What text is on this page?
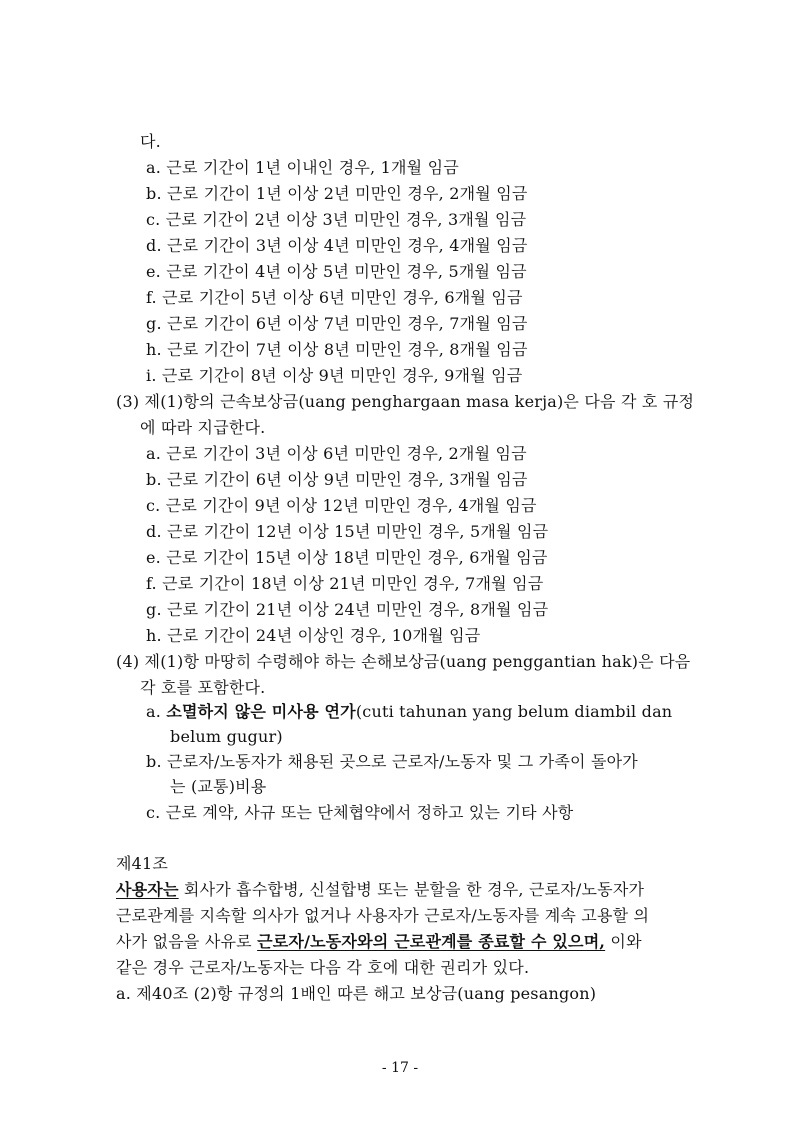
다.
a. 근로 기간이 1년 이내인 경우, 1개월 임금
b. 근로 기간이 1년 이상 2년 미만인 경우, 2개월 임금
c. 근로 기간이 2년 이상 3년 미만인 경우, 3개월 임금
d. 근로 기간이 3년 이상 4년 미만인 경우, 4개월 임금
e. 근로 기간이 4년 이상 5년 미만인 경우, 5개월 임금
f. 근로 기간이 5년 이상 6년 미만인 경우, 6개월 임금
g. 근로 기간이 6년 이상 7년 미만인 경우, 7개월 임금
h. 근로 기간이 7년 이상 8년 미만인 경우, 8개월 임금
i. 근로 기간이 8년 이상 9년 미만인 경우, 9개월 임금
(3) 제(1)항의 근속보상금(uang penghargaan masa kerja)은 다음 각 호 규정
에 따라 지급한다.
a. 근로 기간이 3년 이상 6년 미만인 경우, 2개월 임금
b. 근로 기간이 6년 이상 9년 미만인 경우, 3개월 임금
c. 근로 기간이 9년 이상 12년 미만인 경우, 4개월 임금
d. 근로 기간이 12년 이상 15년 미만인 경우, 5개월 임금
e. 근로 기간이 15년 이상 18년 미만인 경우, 6개월 임금
f. 근로 기간이 18년 이상 21년 미만인 경우, 7개월 임금
g. 근로 기간이 21년 이상 24년 미만인 경우, 8개월 임금
h. 근로 기간이 24년 이상인 경우, 10개월 임금
(4) 제(1)항 마땅히 수령해야 하는 손해보상금(uang penggantian hak)은 다음
각 호를 포함한다.
a. 소멸하지 않은 미사용 연가(cuti tahunan yang belum diambil dan
belum gugur)
b. 근로자/노동자가 채용된 곳으로 근로자/노동자 및 그 가족이 돌아가
는 (교통)비용
c. 근로 계약, 사규 또는 단체협약에서 정하고 있는 기타 사항
제41조
사용자는 회사가 흡수합병, 신설합병 또는 분할을 한 경우, 근로자/노동자가
근로관계를 지속할 의사가 없거나 사용자가 근로자/노동자를 계속 고용할 의
사가 없음을 사유로 근로자/노동자와의 근로관계를 종료할 수 있으며, 이와
같은 경우 근로자/노동자는 다음 각 호에 대한 권리가 있다.
a. 제40조 (2)항 규정의 1배인 따른 해고 보상금(uang pesangon)
- 17 -
